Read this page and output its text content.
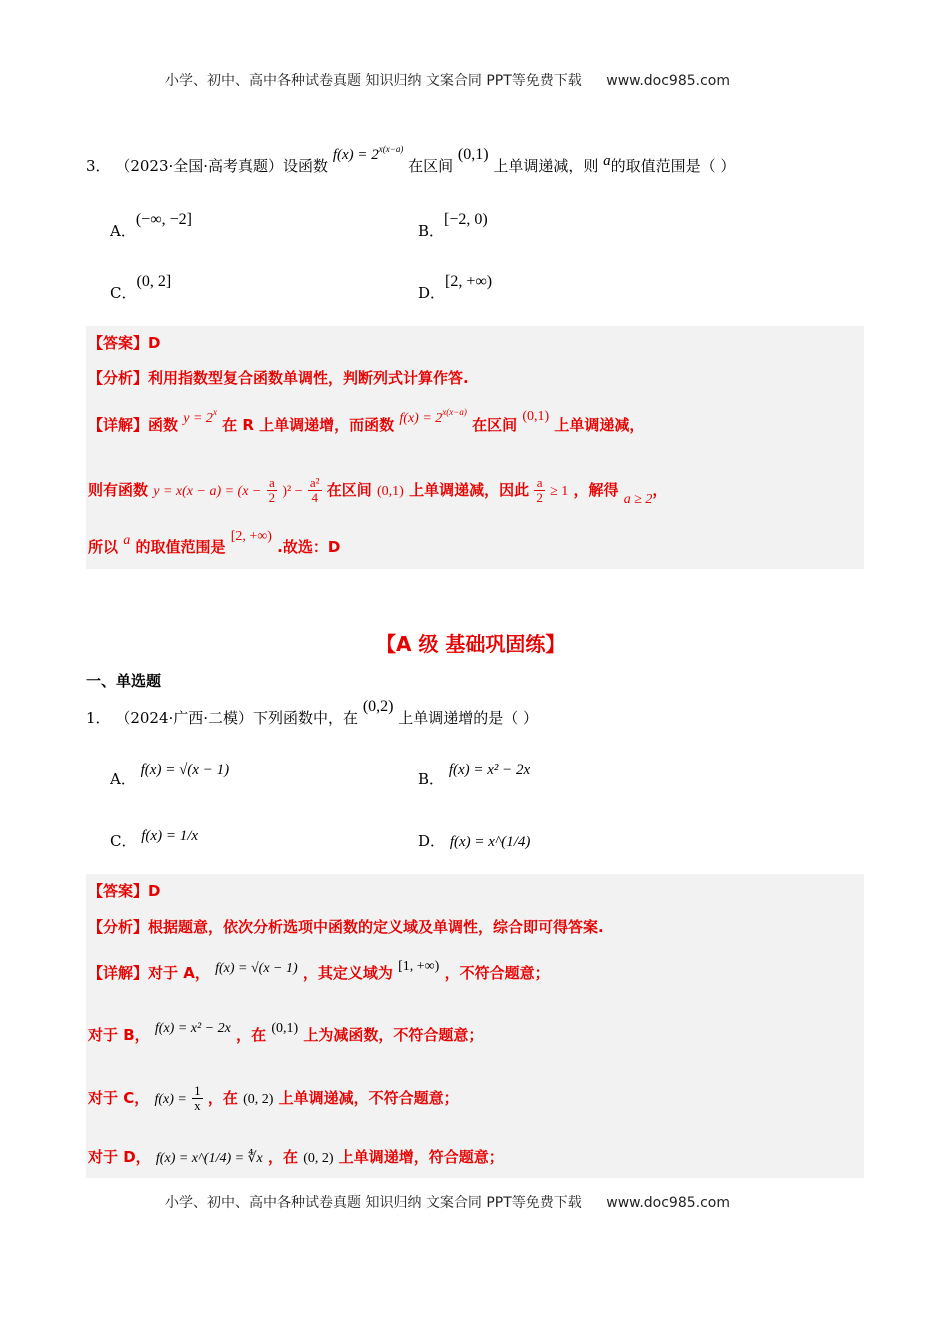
小学、初中、高中各种试卷真题 知识归纳 文案合同 PPT等免费下载 www.doc985.com
3． （2023·全国·高考真题）设函数 $f(x) = 2^{x(x-a)}$ 在区间 (0,1) 上单调递减，则 a的取值范围是（ ）
A．(−∞, −2]
B．[−2, 0)
C．(0, 2]
D．[2, +∞)
【答案】D
【分析】利用指数型复合函数单调性，判断列式计算作答.
【详解】函数 $y = 2^x$ 在 R 上单调递增，而函数 $f(x) = 2^{x(x-a)}$ 在区间 (0,1) 上单调递减，
则有函数 $y = x(x - a) = (x - \frac{a}{2} )^2 - \frac{\text{a²}}{4}$ 在区间 (0,1) 上单调递减，因此 $\frac{a}{2} \ge 1$ ，解得 a ≥ 2，
所以 a 的取值范围是 [2, +∞) .故选：D
【A 级 基础巩固练】
一、单选题
1． （2024·广西·二模）下列函数中，在 (0,2) 上单调递增的是（ ）
A． f(x) = √(x − 1)	B． f(x) = x² − 2x
C． f(x) = 1/x	D． f(x) = x^(1/4)
【答案】D
【分析】根据题意，依次分析选项中函数的定义域及单调性，综合即可得答案.
【详解】对于 A， f(x) = √(x − 1) ，其定义域为 [1, +∞) ，不符合题意；
对于 B， f(x) = x² − 2x ，在 (0,1) 上为减函数，不符合题意；
对于 C， $f(x) = \frac{1}{x}$ ，在 (0, 2) 上单调递减，不符合题意；
对于 D， f(x) = x^(1/4) = ∜x ，在 (0, 2) 上单调递增，符合题意；
小学、初中、高中各种试卷真题 知识归纳 文案合同 PPT等免费下载 www.doc985.com
